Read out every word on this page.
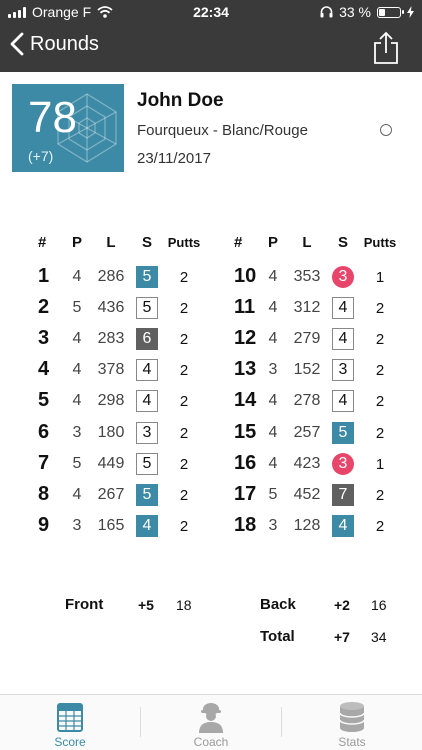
Orange F	22:34	33 %
Rounds
78
(+7)
John Doe
Fourqueux - Blanc/Rouge
23/11/2017
#	P L S Putts
1	4	286	5	2
2	5	436	5	2
3	4	283	6	2
4	4	378	4	2
5	4	298	4	2
6	3	180	3	2
7	5	449	5	2
8	4	267	5	2
9	3	165	4	2
#	P L S Putts
10 4	353	3	1
11 4	312	4	2
12 4	279	4	2
13 3	152	3	2
14 4	278	4	2
15 4	257	5	2
16 4	423	3	1
17 5	452	7	2
18 3	128	4	2
Front +5 18	Back	+2 16
Total	+7 34
Score	Coach	Stats
